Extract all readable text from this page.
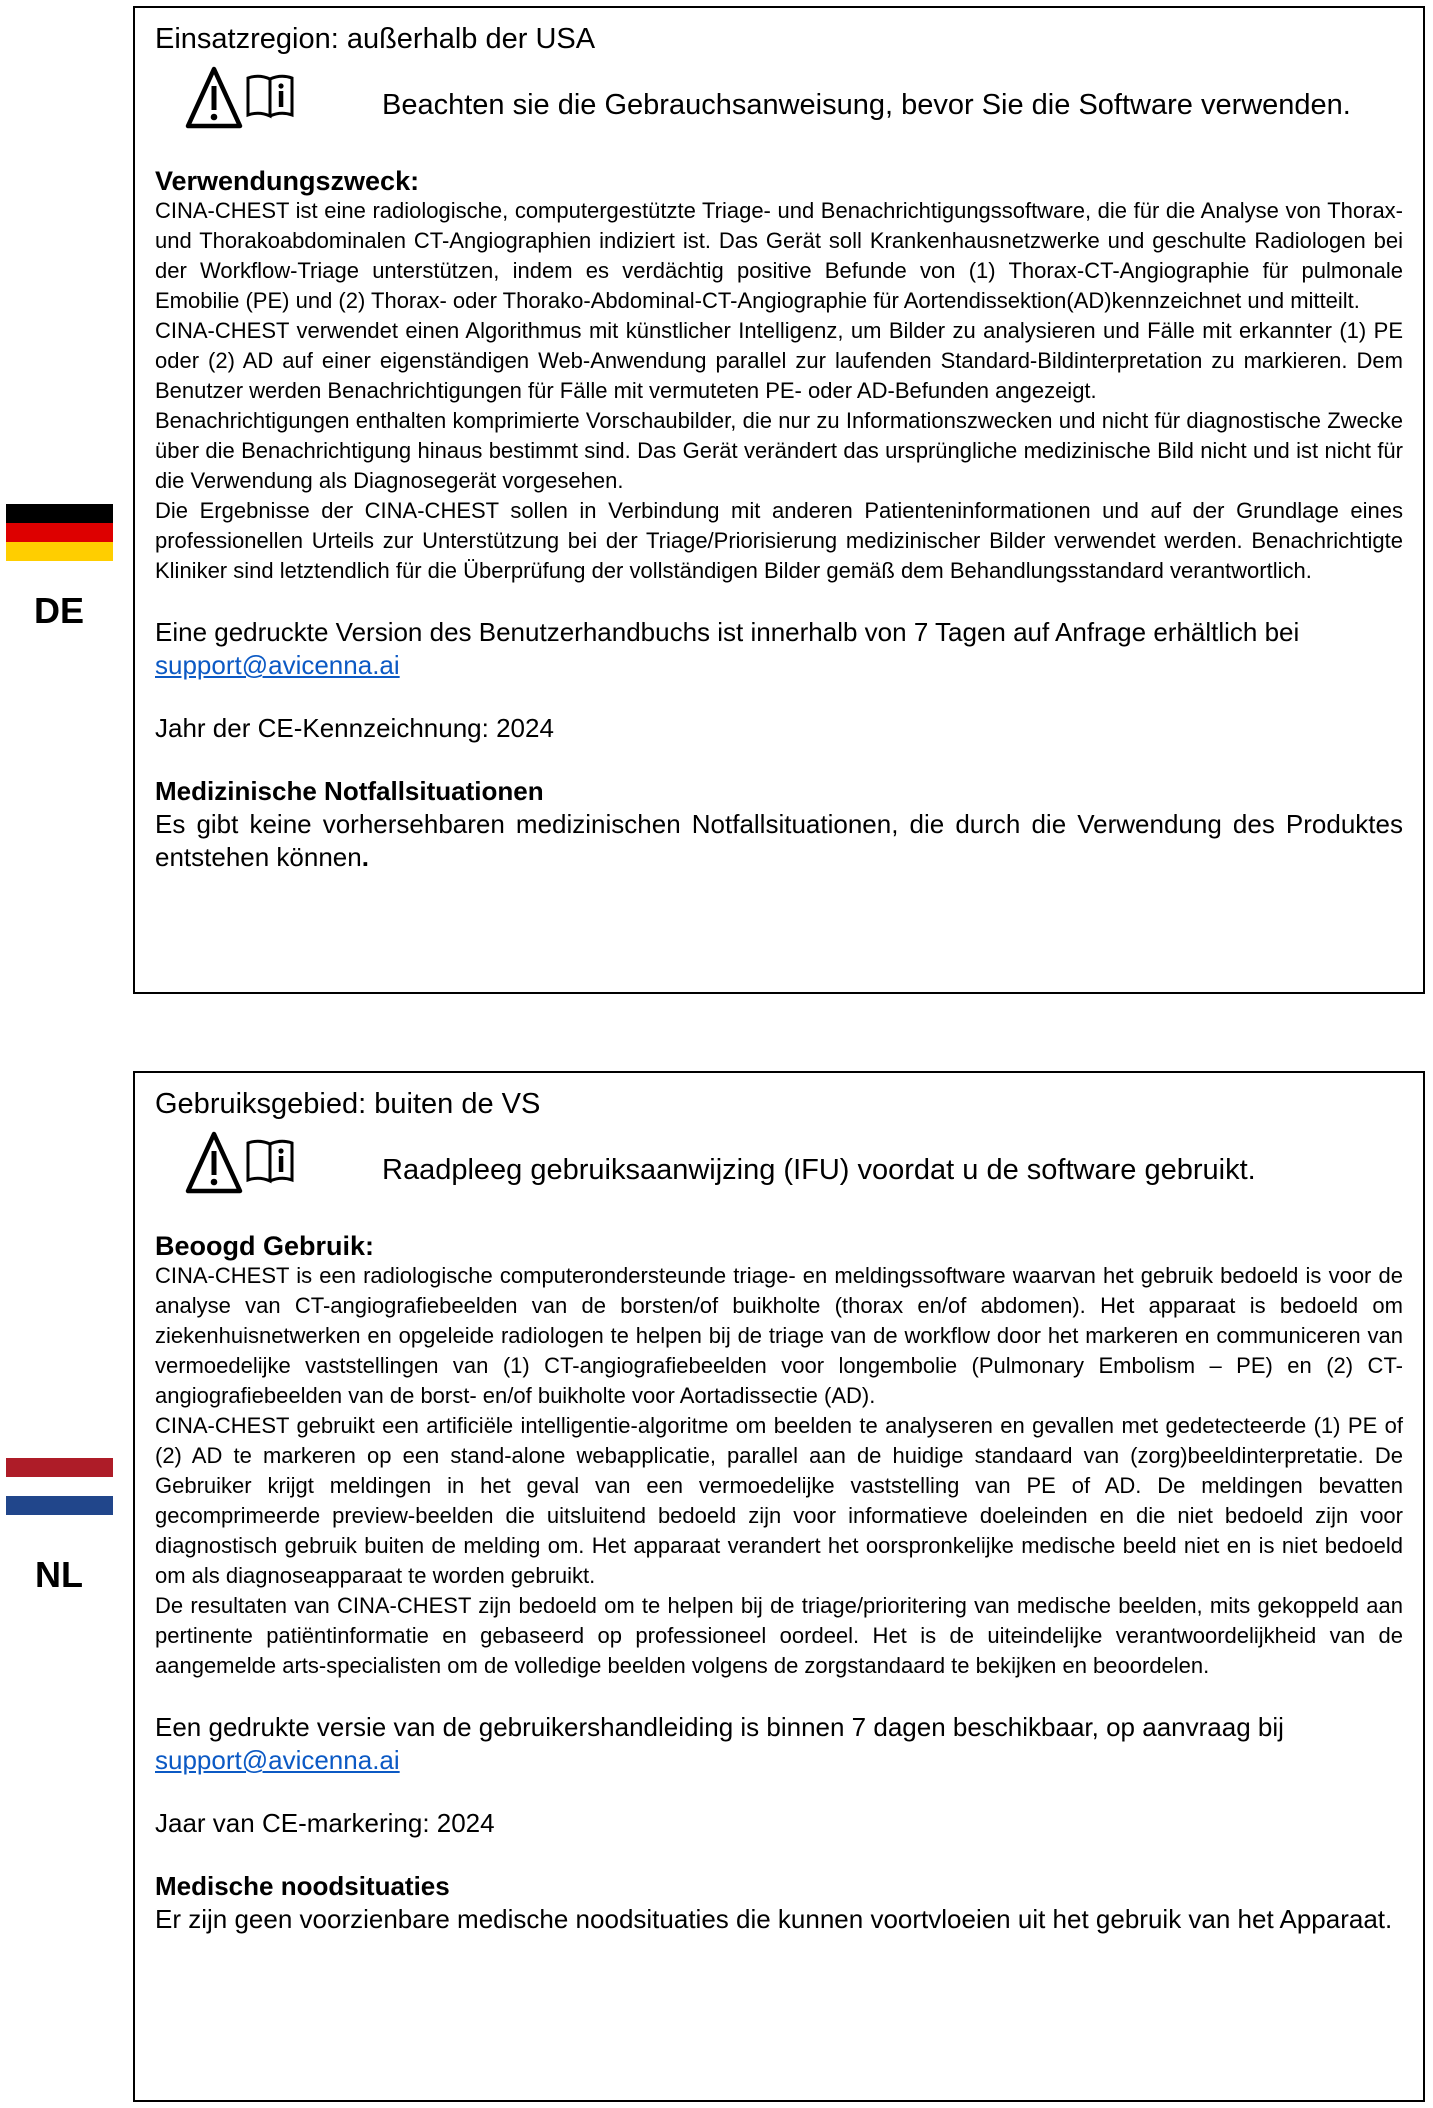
DE
Einsatzregion: außerhalb der USA
Beachten sie die Gebrauchsanweisung, bevor Sie die Software verwenden.
Verwendungszweck:

CINA-CHEST ist eine radiologische, computergestützte Triage- und Benachrichtigungssoftware, die für die Analyse von Thorax- und Thorakoabdominalen CT-Angiographien indiziert ist. Das Gerät soll Krankenhausnetzwerke und geschulte Radiologen bei der Workflow-Triage unterstützen, indem es verdächtig positive Befunde von (1) Thorax-CT-Angiographie für pulmonale Emobilie (PE) und (2) Thorax- oder Thorako-Abdominal-CT-Angiographie für Aortendissektion(AD)kennzeichnet und mitteilt.

CINA-CHEST verwendet einen Algorithmus mit künstlicher Intelligenz, um Bilder zu analysieren und Fälle mit erkannter (1) PE oder (2) AD auf einer eigenständigen Web-Anwendung parallel zur laufenden Standard-Bildinterpretation zu markieren. Dem Benutzer werden Benachrichtigungen für Fälle mit vermuteten PE- oder AD-Befunden angezeigt.

Benachrichtigungen enthalten komprimierte Vorschaubilder, die nur zu Informationszwecken und nicht für diagnostische Zwecke über die Benachrichtigung hinaus bestimmt sind. Das Gerät verändert das ursprüngliche medizinische Bild nicht und ist nicht für die Verwendung als Diagnosegerät vorgesehen.

Die Ergebnisse der CINA-CHEST sollen in Verbindung mit anderen Patienteninformationen und auf der Grundlage eines professionellen Urteils zur Unterstützung bei der Triage/Priorisierung medizinischer Bilder verwendet werden. Benachrichtigte Kliniker sind letztendlich für die Überprüfung der vollständigen Bilder gemäß dem Behandlungsstandard verantwortlich.

Eine gedruckte Version des Benutzerhandbuchs ist innerhalb von 7 Tagen auf Anfrage erhältlich bei
support@avicenna.ai
Jahr der CE-Kennzeichnung: 2024
Medizinische Notfallsituationen
Es gibt keine vorhersehbaren medizinischen Notfallsituationen, die durch die Verwendung des Produktes entstehen können.
NL
Gebruiksgebied: buiten de VS
Raadpleeg gebruiksaanwijzing (IFU) voordat u de software gebruikt.
Beoogd Gebruik:

CINA-CHEST is een radiologische computerondersteunde triage- en meldingssoftware waarvan het gebruik bedoeld is voor de analyse van CT-angiografiebeelden van de borsten/of buikholte (thorax en/of abdomen). Het apparaat is bedoeld om ziekenhuisnetwerken en opgeleide radiologen te helpen bij de triage van de workflow door het markeren en communiceren van vermoedelijke vaststellingen van (1) CT-angiografiebeelden voor longembolie (Pulmonary Embolism – PE) en (2) CT-angiografiebeelden van de borst- en/of buikholte voor Aortadissectie (AD).

CINA-CHEST gebruikt een artificiële intelligentie-algoritme om beelden te analyseren en gevallen met gedetecteerde (1) PE of (2) AD te markeren op een stand-alone webapplicatie, parallel aan de huidige standaard van (zorg)beeldinterpretatie. De Gebruiker krijgt meldingen in het geval van een vermoedelijke vaststelling van PE of AD. De meldingen bevatten gecomprimeerde preview-beelden die uitsluitend bedoeld zijn voor informatieve doeleinden en die niet bedoeld zijn voor diagnostisch gebruik buiten de melding om. Het apparaat verandert het oorspronkelijke medische beeld niet en is niet bedoeld om als diagnoseapparaat te worden gebruikt.

De resultaten van CINA-CHEST zijn bedoeld om te helpen bij de triage/prioritering van medische beelden, mits gekoppeld aan pertinente patiëntinformatie en gebaseerd op professioneel oordeel. Het is de uiteindelijke verantwoordelijkheid van de aangemelde arts-specialisten om de volledige beelden volgens de zorgstandaard te bekijken en beoordelen.

Een gedrukte versie van de gebruikershandleiding is binnen 7 dagen beschikbaar, op aanvraag bij
support@avicenna.ai
Jaar van CE-markering: 2024
Medische noodsituaties
Er zijn geen voorzienbare medische noodsituaties die kunnen voortvloeien uit het gebruik van het Apparaat.
